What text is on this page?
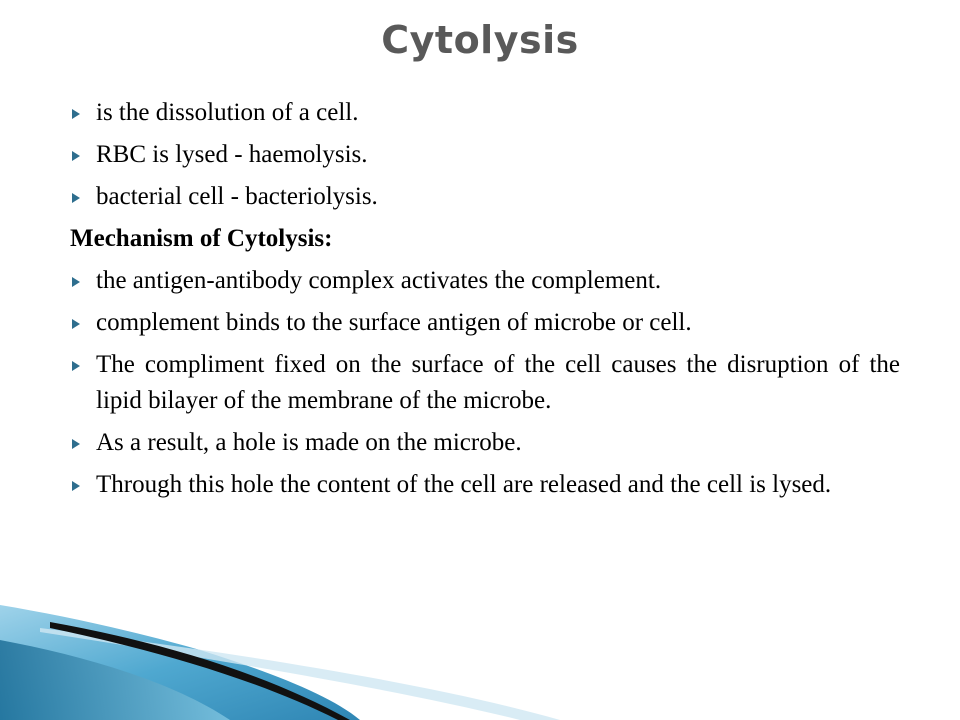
Cytolysis
is the dissolution of a cell.
RBC is lysed - haemolysis.
bacterial cell - bacteriolysis.
Mechanism of Cytolysis:
the antigen-antibody complex activates the complement.
complement binds to the surface antigen of microbe or cell.
The compliment fixed on the surface of the cell causes the disruption of the lipid bilayer of the membrane of the microbe.
As a result, a hole is made on the microbe.
Through this hole the content of the cell are released and the cell is lysed.
